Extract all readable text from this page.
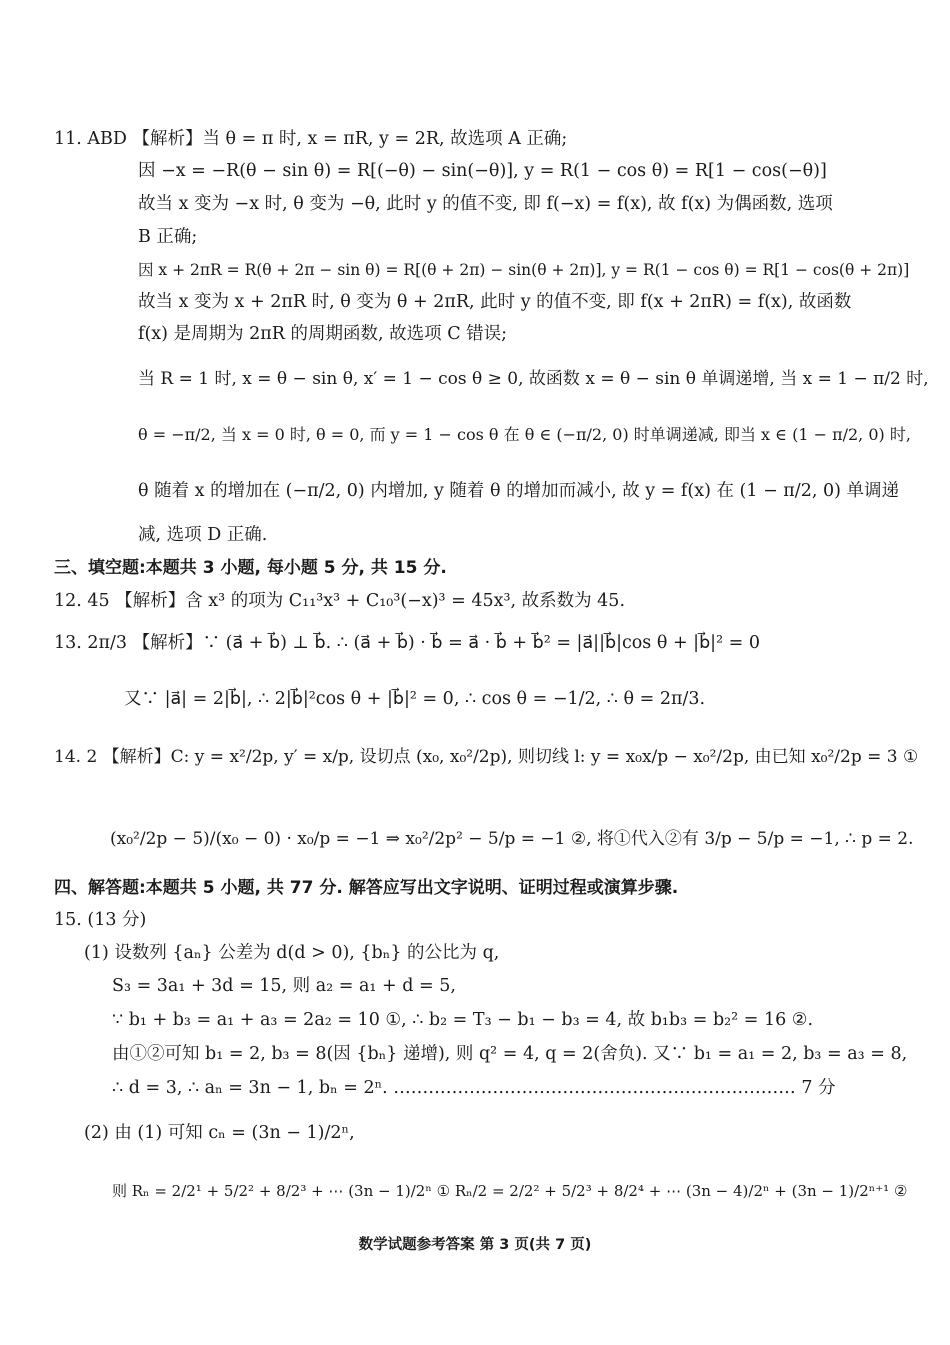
11. ABD 【解析】当 θ = π 时, x = πR, y = 2R, 故选项 A 正确;
因 −x = −R(θ − sin θ) = R[(−θ) − sin(−θ)], y = R(1 − cos θ) = R[1 − cos(−θ)]
故当 x 变为 −x 时, θ 变为 −θ, 此时 y 的值不变, 即 f(−x) = f(x), 故 f(x) 为偶函数, 选项
B 正确;
因 x + 2πR = R(θ + 2π − sin θ) = R[(θ + 2π) − sin(θ + 2π)], y = R(1 − cos θ) = R[1 − cos(θ + 2π)]
故当 x 变为 x + 2πR 时, θ 变为 θ + 2πR, 此时 y 的值不变, 即 f(x + 2πR) = f(x), 故函数
f(x) 是周期为 2πR 的周期函数, 故选项 C 错误;
当 R = 1 时, x = θ − sin θ, x′ = 1 − cos θ ≥ 0, 故函数 x = θ − sin θ 单调递增, 当 x = 1 − π/2 时,
θ = −π/2, 当 x = 0 时, θ = 0, 而 y = 1 − cos θ 在 θ ∈ (−π/2, 0) 时单调递减, 即当 x ∈ (1 − π/2, 0) 时,
θ 随着 x 的增加在 (−π/2, 0) 内增加, y 随着 θ 的增加而减小, 故 y = f(x) 在 (1 − π/2, 0) 单调递
减, 选项 D 正确.
三、填空题:本题共 3 小题, 每小题 5 分, 共 15 分.
12. 45 【解析】含 x³ 的项为 C₁₁³x³ + C₁₀³(−x)³ = 45x³, 故系数为 45.
13. 2π/3 【解析】∵ (a⃗ + b⃗) ⊥ b⃗. ∴ (a⃗ + b⃗) · b⃗ = a⃗ · b⃗ + b⃗² = |a⃗||b⃗|cos θ + |b⃗|² = 0
又∵ |a⃗| = 2|b⃗|, ∴ 2|b⃗|²cos θ + |b⃗|² = 0, ∴ cos θ = −1/2, ∴ θ = 2π/3.
14. 2 【解析】C: y = x²/2p, y′ = x/p, 设切点 (x₀, x₀²/2p), 则切线 l: y = x₀x/p − x₀²/2p, 由已知 x₀²/2p = 3 ①
(x₀²/2p − 5)/(x₀ − 0) · x₀/p = −1 ⇒ x₀²/2p² − 5/p = −1 ②, 将①代入②有 3/p − 5/p = −1, ∴ p = 2.
四、解答题:本题共 5 小题, 共 77 分. 解答应写出文字说明、证明过程或演算步骤.
15. (13 分)
(1) 设数列 {aₙ} 公差为 d(d > 0), {bₙ} 的公比为 q,
S₃ = 3a₁ + 3d = 15, 则 a₂ = a₁ + d = 5,
∵ b₁ + b₃ = a₁ + a₃ = 2a₂ = 10 ①, ∴ b₂ = T₃ − b₁ − b₃ = 4, 故 b₁b₃ = b₂² = 16 ②.
由①②可知 b₁ = 2, b₃ = 8(因 {bₙ} 递增), 则 q² = 4, q = 2(舍负). 又∵ b₁ = a₁ = 2, b₃ = a₃ = 8,
∴ d = 3, ∴ aₙ = 3n − 1, bₙ = 2ⁿ. …………………………………………………………… 7 分
(2) 由 (1) 可知 cₙ = (3n − 1)/2ⁿ,
则 Rₙ = 2/2¹ + 5/2² + 8/2³ + ⋯ (3n − 1)/2ⁿ ① Rₙ/2 = 2/2² + 5/2³ + 8/2⁴ + ⋯ (3n − 4)/2ⁿ + (3n − 1)/2ⁿ⁺¹ ②
数学试题参考答案 第 3 页(共 7 页)
